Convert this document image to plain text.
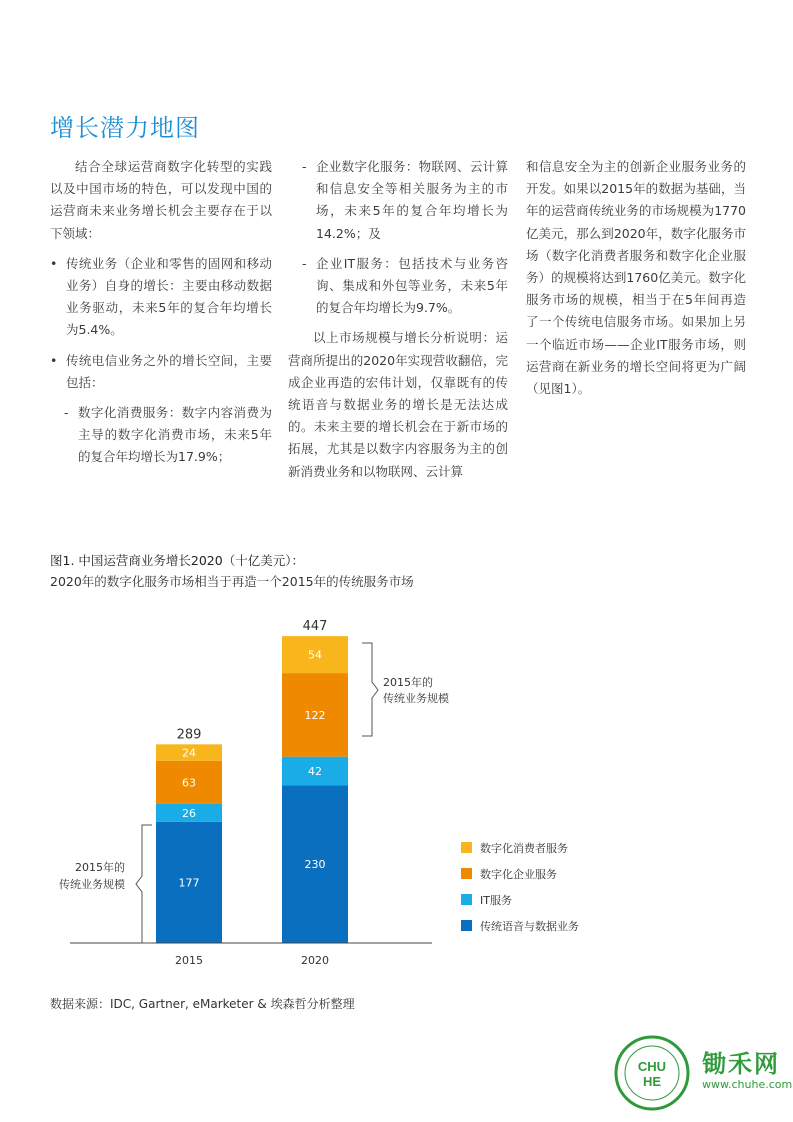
增长潜力地图

结合全球运营商数字化转型的实践以及中国市场的特色，可以发现中国的运营商未来业务增长机会主要存在于以下领域：

• 传统业务（企业和零售的固网和移动业务）自身的增长：主要由移动数据业务驱动，未来5年的复合年均增长为5.4%。

• 传统电信业务之外的增长空间，主要包括：

- 数字化消费服务：数字内容消费为主导的数字化消费市场，未来5年的复合年均增长为17.9%；

- 企业数字化服务：物联网、云计算和信息安全等相关服务为主的市场，未来5年的复合年均增长为14.2%；及

- 企业IT服务：包括技术与业务咨询、集成和外包等业务，未来5年的复合年均增长为9.7%。

以上市场规模与增长分析说明：运营商所提出的2020年实现营收翻倍，完成企业再造的宏伟计划，仅靠既有的传统语音与数据业务的增长是无法达成的。未来主要的增长机会在于新市场的拓展，尤其是以数字内容服务为主的创新消费业务和以物联网、云计算

和信息安全为主的创新企业服务业务的开发。如果以2015年的数据为基础，当年的运营商传统业务的市场规模为1770亿美元，那么到2020年，数字化服务市场（数字化消费者服务和数字化企业服务）的规模将达到1760亿美元。数字化服务市场的规模，相当于在5年间再造了一个传统电信服务市场。如果加上另一个临近市场——企业IT服务市场，则运营商在新业务的增长空间将更为广阔（见图1）。

图1. 中国运营商业务增长2020（十亿美元）：
2020年的数字化服务市场相当于再造一个2015年的传统服务市场
177
26
63
24
230
42
122
54
2015	2020
289
447
2015年的
传统业务规模
2015年的
传统业务规模
数字化消费者服务
数字化企业服务
IT服务
传统语音与数据业务
数据来源：IDC, Gartner, eMarketer & 埃森哲分析整理
CHU
HE
锄禾网
www.chuhe.com
